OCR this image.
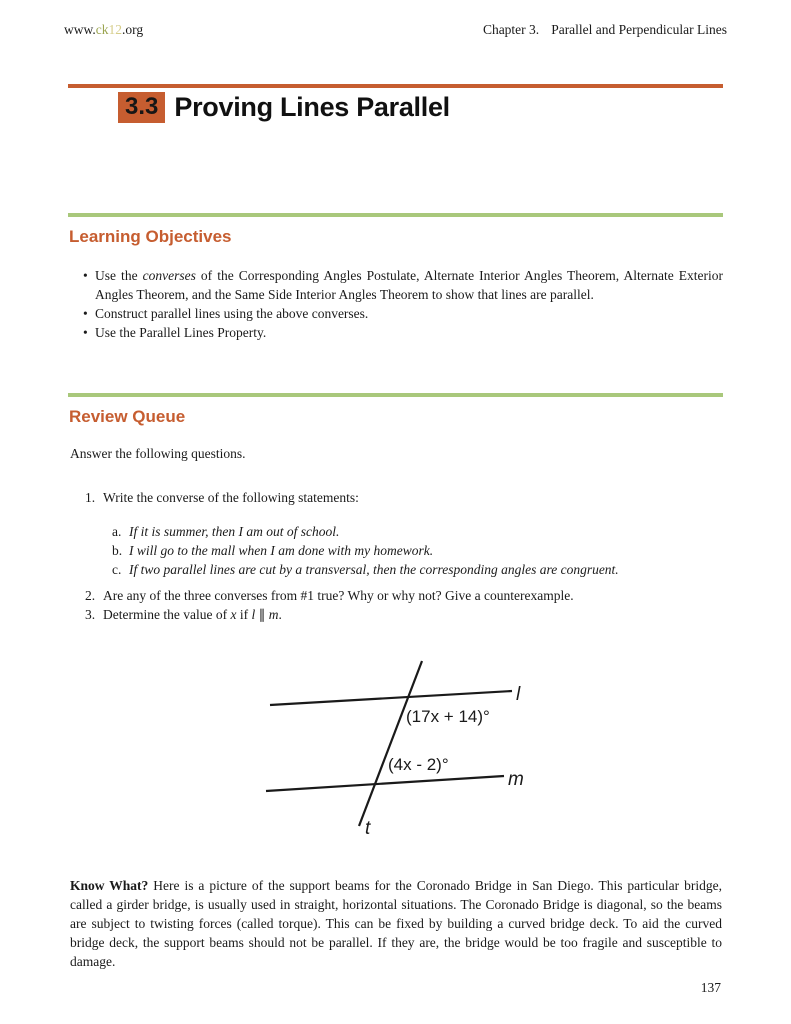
www.ck12.org	Chapter 3. Parallel and Perpendicular Lines
3.3 Proving Lines Parallel
Learning Objectives
• Use the converses of the Corresponding Angles Postulate, Alternate Interior Angles Theorem, Alternate Exterior Angles Theorem, and the Same Side Interior Angles Theorem to show that lines are parallel.
• Construct parallel lines using the above converses.
• Use the Parallel Lines Property.
Review Queue
Answer the following questions.
1. Write the converse of the following statements:
a. If it is summer, then I am out of school.
b. I will go to the mall when I am done with my homework.
c. If two parallel lines are cut by a transversal, then the corresponding angles are congruent.
2. Are any of the three converses from #1 true? Why or why not? Give a counterexample.
3. Determine the value of x if l ∥ m.
l
m
t
(17x + 14)°
(4x - 2)°
Know What? Here is a picture of the support beams for the Coronado Bridge in San Diego. This particular bridge, called a girder bridge, is usually used in straight, horizontal situations. The Coronado Bridge is diagonal, so the beams are subject to twisting forces (called torque). This can be fixed by building a curved bridge deck. To aid the curved bridge deck, the support beams should not be parallel. If they are, the bridge would be too fragile and susceptible to damage.
137
